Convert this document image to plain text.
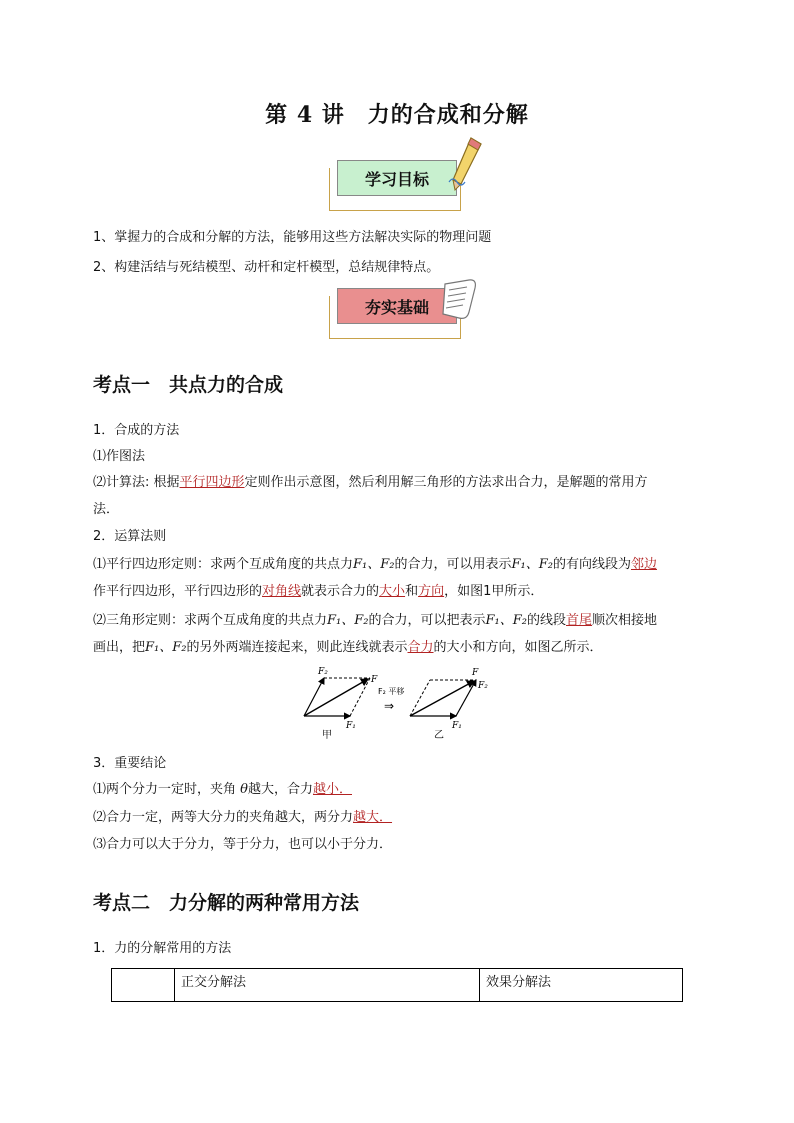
第 4 讲　力的合成和分解
学习目标
1、掌握力的合成和分解的方法，能够用这些方法解决实际的物理问题
2、构建活结与死结模型、动杆和定杆模型，总结规律特点。
夯实基础
考点一　共点力的合成
1．合成的方法
⑴作图法
⑵计算法: 根据平行四边形定则作出示意图，然后利用解三角形的方法求出合力，是解题的常用方
法．
2．运算法则
⑴平行四边形定则：求两个互成角度的共点力F₁、F₂的合力，可以用表示F₁、F₂的有向线段为邻边
作平行四边形，平行四边形的对角线就表示合力的大小和方向，如图1甲所示．
⑵三角形定则：求两个互成角度的共点力F₁、F₂的合力，可以把表示F₁、F₂的线段首尾顺次相接地
画出，把F₁、F₂的另外两端连接起来，则此连线就表示合力的大小和方向，如图乙所示．
F₂
F
F₁
甲
F₂ 平移
⇒
F
F₂
F₁
乙
3．重要结论
⑴两个分力一定时，夹角 θ越大，合力越小．
⑵合力一定，两等大分力的夹角越大，两分力越大．
⑶合力可以大于分力，等于分力，也可以小于分力．
考点二　力分解的两种常用方法
1．力的分解常用的方法
	正交分解法	效果分解法
